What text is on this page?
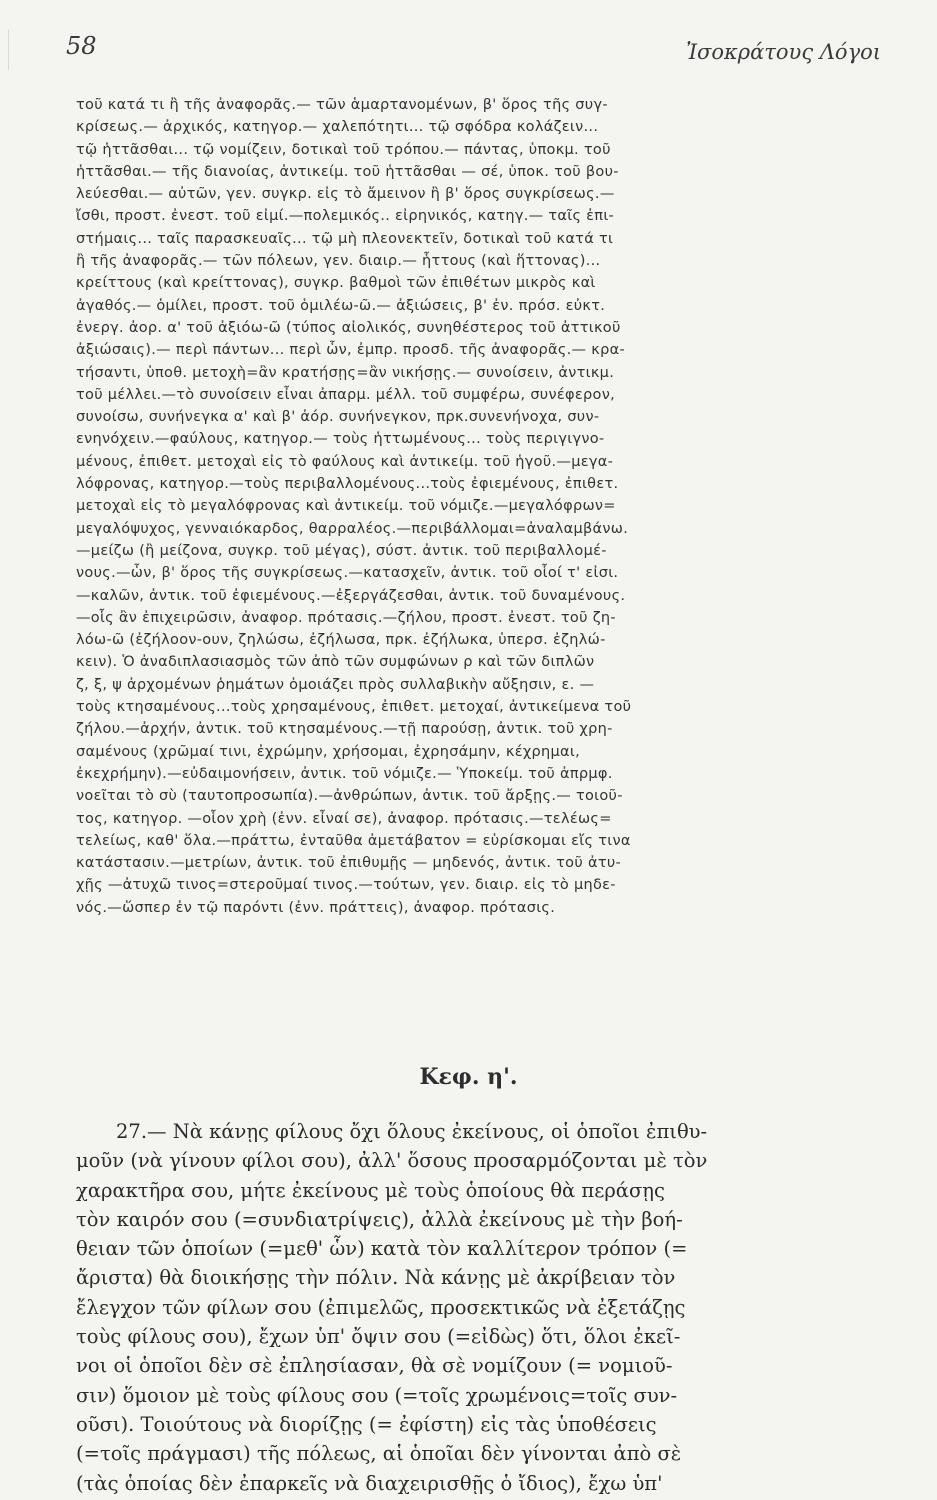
58	Ἰσοκράτους Λόγοι
τοῦ κατά τι ἢ τῆς ἀναφορᾶς.— τῶν ἁμαρτανομένων, β' ὅρος τῆς συγ-
κρίσεως.— ἀρχικός, κατηγορ.— χαλεπότητι... τῷ σφόδρα κολάζειν...
τῷ ἡττᾶσθαι... τῷ νομίζειν, δοτικαὶ τοῦ τρόπου.— πάντας, ὑποκμ. τοῦ
ἡττᾶσθαι.— τῆς διανοίας, ἀντικείμ. τοῦ ἡττᾶσθαι — σέ, ὑποκ. τοῦ βου-
λεύεσθαι.— αὐτῶν, γεν. συγκρ. εἰς τὸ ἄμεινον ἢ β' ὅρος συγκρίσεως.—
ἴσθι, προστ. ἐνεστ. τοῦ εἰμί.—πολεμικός.. εἰρηνικός, κατηγ.— ταῖς ἐπι-
στήμαις... ταῖς παρασκευαῖς... τῷ μὴ πλεονεκτεῖν, δοτικαὶ τοῦ κατά τι
ἢ τῆς ἀναφορᾶς.— τῶν πόλεων, γεν. διαιρ.— ἧττους (καὶ ἥττονας)...
κρείττους (καὶ κρείττονας), συγκρ. βαθμοὶ τῶν ἐπιθέτων μικρὸς καὶ
ἀγαθός.— ὁμίλει, προστ. τοῦ ὁμιλέω-ῶ.— ἀξιώσεις, β' ἐν. πρόσ. εὐκτ.
ἐνεργ. ἀορ. α' τοῦ ἀξιόω-ῶ (τύπος αἰολικός, συνηθέστερος τοῦ ἀττικοῦ
ἀξιώσαις).— περὶ πάντων... περὶ ὧν, ἐμπρ. προσδ. τῆς ἀναφορᾶς.— κρα-
τήσαντι, ὑποθ. μετοχὴ=ἂν κρατήσῃς=ἂν νικήσῃς.— συνοίσειν, ἀντικμ.
τοῦ μέλλει.—τὸ συνοίσειν εἶναι ἀπαρμ. μέλλ. τοῦ συμφέρω, συνέφερον,
συνοίσω, συνήνεγκα α' καὶ β' ἀόρ. συνήνεγκον, πρκ.συνενήνοχα, συν-
ενηνόχειν.—φαύλους, κατηγορ.— τοὺς ἡττωμένους... τοὺς περιγιγνο-
μένους, ἐπιθετ. μετοχαὶ εἰς τὸ φαύλους καὶ ἀντικείμ. τοῦ ἡγοῦ.—μεγα-
λόφρονας, κατηγορ.—τοὺς περιβαλλομένους...τοὺς ἐφιεμένους, ἐπιθετ.
μετοχαὶ εἰς τὸ μεγαλόφρονας καὶ ἀντικείμ. τοῦ νόμιζε.—μεγαλόφρων=
μεγαλόψυχος, γενναιόκαρδος, θαρραλέος.—περιβάλλομαι=ἀναλαμβάνω.
—μείζω (ἢ μείζονα, συγκρ. τοῦ μέγας), σύστ. ἀντικ. τοῦ περιβαλλομέ-
νους.—ὧν, β' ὅρος τῆς συγκρίσεως.—κατασχεῖν, ἀντικ. τοῦ οἷοί τ' εἰσι.
—καλῶν, ἀντικ. τοῦ ἐφιεμένους.—ἐξεργάζεσθαι, ἀντικ. τοῦ δυναμένους.
—οἷς ἂν ἐπιχειρῶσιν, ἀναφορ. πρότασις.—ζήλου, προστ. ἐνεστ. τοῦ ζη-
λόω-ῶ (ἐζήλοον-ουν, ζηλώσω, ἐζήλωσα, πρκ. ἐζήλωκα, ὑπερσ. ἐζηλώ-
κειν). Ὁ ἀναδιπλασιασμὸς τῶν ἀπὸ τῶν συμφώνων ρ καὶ τῶν διπλῶν
ζ, ξ, ψ ἀρχομένων ῥημάτων ὁμοιάζει πρὸς συλλαβικὴν αὔξησιν, ε. —
τοὺς κτησαμένους...τοὺς χρησαμένους, ἐπιθετ. μετοχαί, ἀντικείμενα τοῦ
ζήλου.—ἀρχήν, ἀντικ. τοῦ κτησαμένους.—τῇ παρούσῃ, ἀντικ. τοῦ χρη-
σαμένους (χρῶμαί τινι, ἐχρώμην, χρήσομαι, ἐχρησάμην, κέχρημαι,
ἐκεχρήμην).—εὐδαιμονήσειν, ἀντικ. τοῦ νόμιζε.— Ὑποκείμ. τοῦ ἀπρμφ.
νοεῖται τὸ σὺ (ταυτοπροσωπία).—ἀνθρώπων, ἀντικ. τοῦ ἄρξῃς.— τοιοῦ-
τος, κατηγορ. —οἷον χρὴ (ἐνν. εἶναί σε), ἀναφορ. πρότασις.—τελέως=
τελείως, καθ' ὅλα.—πράττω, ἐνταῦθα ἀμετάβατον = εὑρίσκομαι εἴς τινα
κατάστασιν.—μετρίων, ἀντικ. τοῦ ἐπιθυμῇς — μηδενός, ἀντικ. τοῦ ἀτυ-
χῇς —ἀτυχῶ τινος=στεροῦμαί τινος.—τούτων, γεν. διαιρ. εἰς τὸ μηδε-
νός.—ὥσπερ ἐν τῷ παρόντι (ἐνν. πράττεις), ἀναφορ. πρότασις.
Κεφ. η'.
27.— Νὰ κάνῃς φίλους ὄχι ὅλους ἐκείνους, οἱ ὁποῖοι ἐπιθυ-
μοῦν (νὰ γίνουν φίλοι σου), ἀλλ' ὅσους προσαρμόζονται μὲ τὸν
χαρακτῆρα σου, μήτε ἐκείνους μὲ τοὺς ὁποίους θὰ περάσῃς
τὸν καιρόν σου (=συνδιατρίψεις), ἀλλὰ ἐκείνους μὲ τὴν βοή-
θειαν τῶν ὁποίων (=μεθ' ὧν) κατὰ τὸν καλλίτερον τρόπον (=
ἄριστα) θὰ διοικήσῃς τὴν πόλιν. Νὰ κάνῃς μὲ ἀκρίβειαν τὸν
ἔλεγχον τῶν φίλων σου (ἐπιμελῶς, προσεκτικῶς νὰ ἐξετάζῃς
τοὺς φίλους σου), ἔχων ὑπ' ὄψιν σου (=εἰδὼς) ὅτι, ὅλοι ἐκεῖ-
νοι οἱ ὁποῖοι δὲν σὲ ἐπλησίασαν, θὰ σὲ νομίζουν (= νομιοῦ-
σιν) ὅμοιον μὲ τοὺς φίλους σου (=τοῖς χρωμένοις=τοῖς συν-
οῦσι). Τοιούτους νὰ διορίζῃς (= ἐφίστη) εἰς τὰς ὑποθέσεις
(=τοῖς πράγμασι) τῆς πόλεως, αἱ ὁποῖαι δὲν γίνονται ἀπὸ σὲ
(τὰς ὁποίας δὲν ἐπαρκεῖς νὰ διαχειρισθῇς ὁ ἴδιος), ἔχω ὑπ'
